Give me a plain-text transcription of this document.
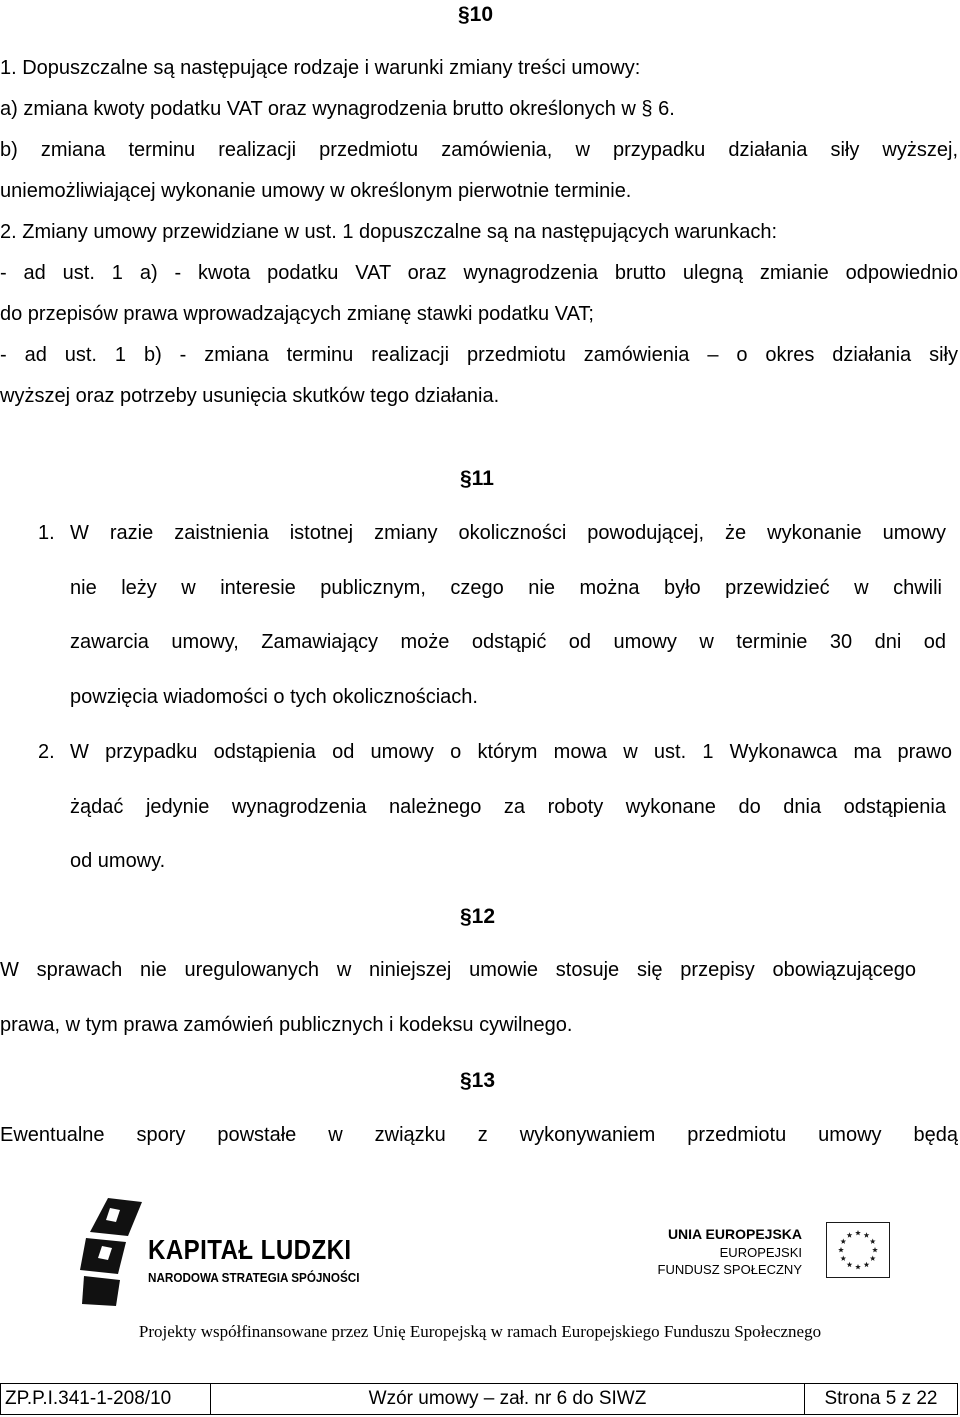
§10
1. Dopuszczalne są następujące rodzaje i warunki zmiany treści umowy:
a) zmiana kwoty podatku VAT oraz wynagrodzenia brutto określonych w § 6.
b) zmiana terminu realizacji przedmiotu zamówienia, w przypadku działania siły wyższej,
uniemożliwiającej wykonanie umowy w określonym pierwotnie terminie.
2. Zmiany umowy przewidziane w ust. 1 dopuszczalne są na następujących warunkach:
- ad ust. 1 a) - kwota podatku VAT oraz wynagrodzenia brutto ulegną zmianie odpowiednio
do przepisów prawa wprowadzających zmianę stawki podatku VAT;
- ad ust. 1 b) - zmiana terminu realizacji przedmiotu zamówienia – o okres działania siły
wyższej oraz potrzeby usunięcia skutków tego działania.
§11
1. W razie zaistnienia istotnej zmiany okoliczności powodującej, że wykonanie umowy
nie leży w interesie publicznym, czego nie można było przewidzieć w chwili
zawarcia umowy, Zamawiający może odstąpić od umowy w terminie 30 dni od
powzięcia wiadomości o tych okolicznościach.
2. W przypadku odstąpienia od umowy o którym mowa w ust. 1 Wykonawca ma prawo
żądać jedynie wynagrodzenia należnego za roboty wykonane do dnia odstąpienia
od umowy.
§12
W sprawach nie uregulowanych w niniejszej umowie stosuje się przepisy obowiązującego
prawa, w tym prawa zamówień publicznych i kodeksu cywilnego.
§13
Ewentualne spory powstałe w związku z wykonywaniem przedmiotu umowy będą
KAPITAŁ LUDZKI
NARODOWA STRATEGIA SPÓJNOŚCI
UNIA EUROPEJSKA
EUROPEJSKI
FUNDUSZ SPOŁECZNY
Projekty współfinansowane przez Unię Europejską w ramach Europejskiego Funduszu Społecznego
ZP.P.I.341-1-208/10	Wzór umowy – zał. nr 6 do SIWZ	Strona 5 z 22
